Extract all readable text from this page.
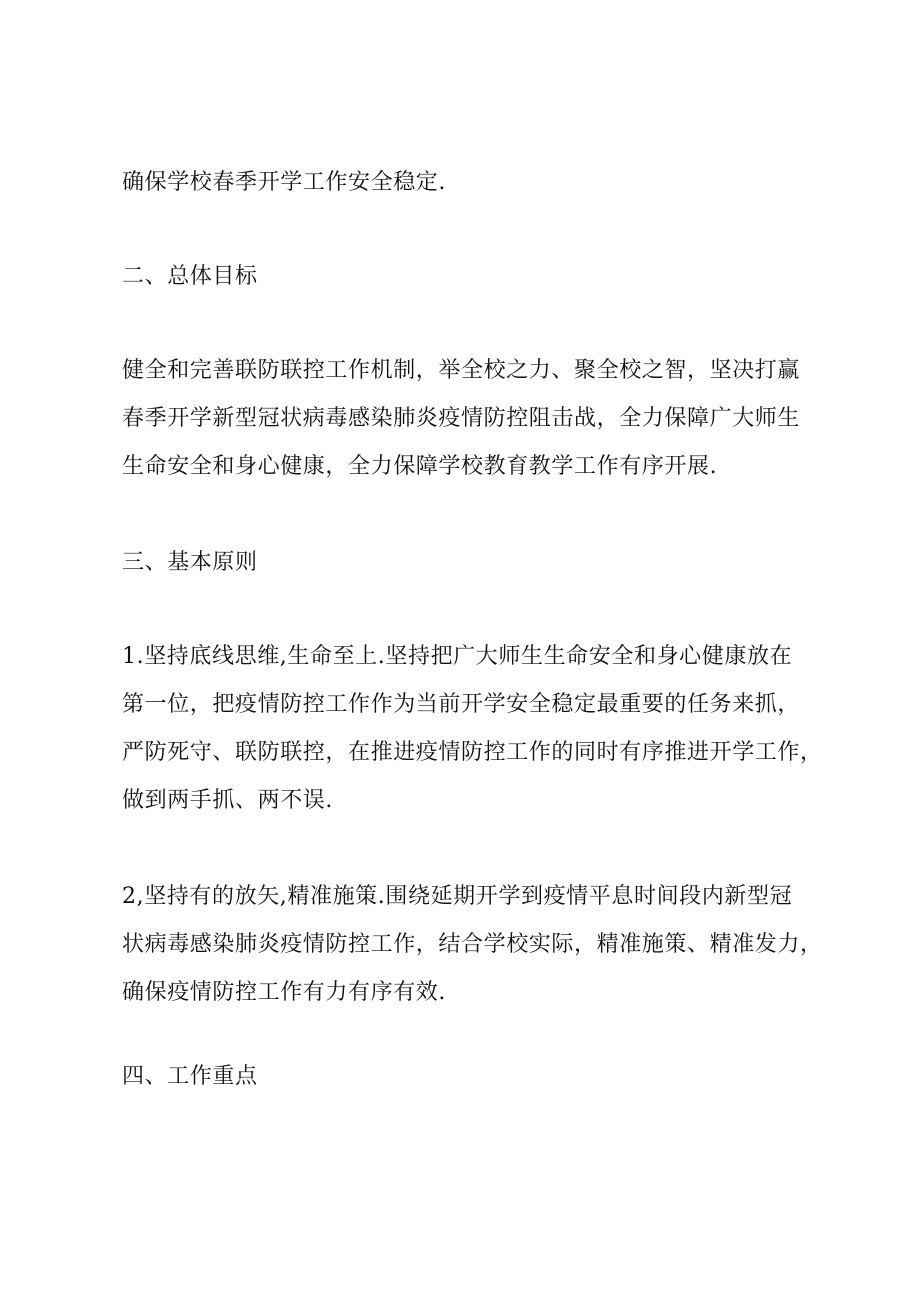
确保学校春季开学工作安全稳定.
二、总体目标
健全和完善联防联控工作机制，举全校之力、聚全校之智，坚决打赢
春季开学新型冠状病毒感染肺炎疫情防控阻击战，全力保障广大师生
生命安全和身心健康，全力保障学校教育教学工作有序开展.
三、基本原则
1.坚持底线思维,生命至上.坚持把广大师生生命安全和身心健康放在
第一位，把疫情防控工作作为当前开学安全稳定最重要的任务来抓，
严防死守、联防联控，在推进疫情防控工作的同时有序推进开学工作，
做到两手抓、两不误.
2,坚持有的放矢,精准施策.围绕延期开学到疫情平息时间段内新型冠
状病毒感染肺炎疫情防控工作，结合学校实际，精准施策、精准发力，
确保疫情防控工作有力有序有效.
四、工作重点
